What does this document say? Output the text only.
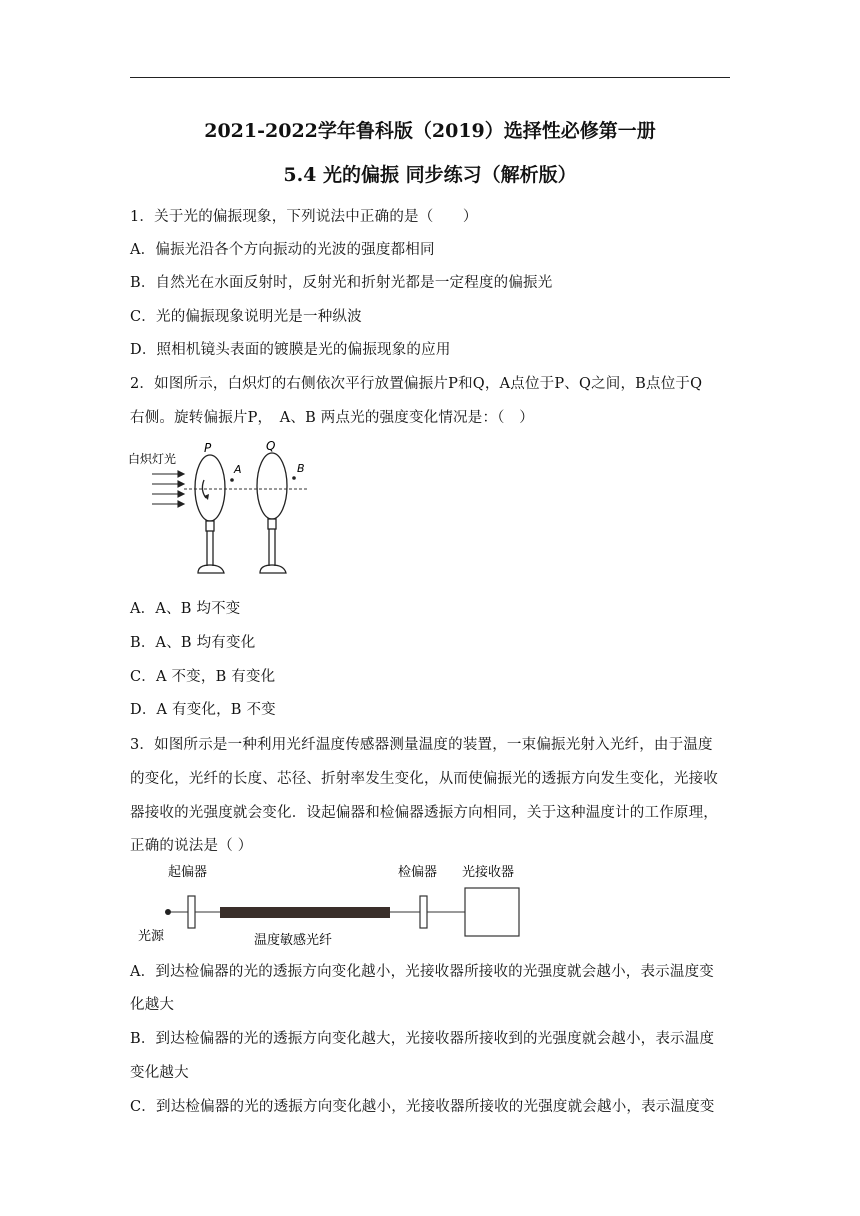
2021-2022学年鲁科版（2019）选择性必修第一册
5.4 光的偏振 同步练习（解析版）
1．关于光的偏振现象，下列说法中正确的是（　　）
A．偏振光沿各个方向振动的光波的强度都相同
B．自然光在水面反射时，反射光和折射光都是一定程度的偏振光
C．光的偏振现象说明光是一种纵波
D．照相机镜头表面的镀膜是光的偏振现象的应用
2．如图所示，白炽灯的右侧依次平行放置偏振片P和Q，A点位于P、Q之间，B点位于Q
右侧。旋转偏振片P，　A、B 两点光的强度变化情况是：（　）
白炽灯光
P
A
Q
B
A．A、B 均不变
B．A、B 均有变化
C．A 不变，B 有变化
D．A 有变化，B 不变
3．如图所示是一种利用光纤温度传感器测量温度的装置，一束偏振光射入光纤，由于温度
的变化，光纤的长度、芯径、折射率发生变化，从而使偏振光的透振方向发生变化，光接收
器接收的光强度就会变化．设起偏器和检偏器透振方向相同，关于这种温度计的工作原理，
正确的说法是（ ）
起偏器	检偏器 光接收器
光源	温度敏感光纤
A．到达检偏器的光的透振方向变化越小，光接收器所接收的光强度就会越小，表示温度变
化越大
B．到达检偏器的光的透振方向变化越大，光接收器所接收到的光强度就会越小，表示温度
变化越大
C．到达检偏器的光的透振方向变化越小，光接收器所接收的光强度就会越小，表示温度变
